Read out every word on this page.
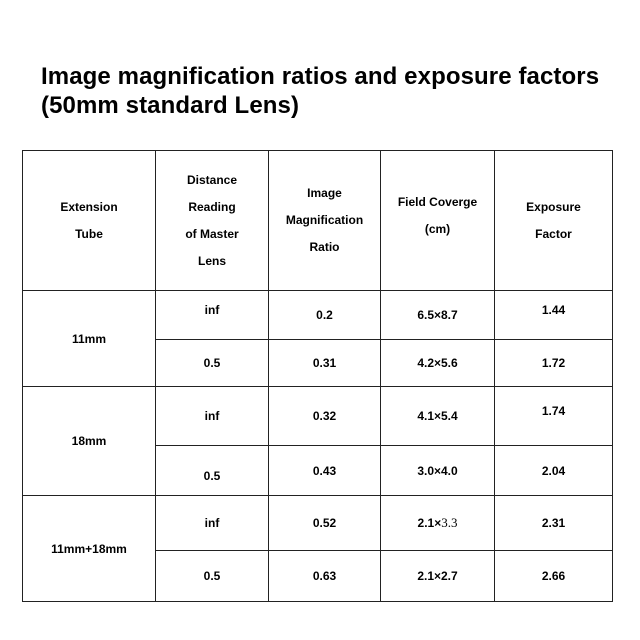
Image magnification ratios and exposure factors
(50mm standard Lens)
Extension
Tube	Distance
Reading
of Master
Lens	Image
Magnification
Ratio	Field Coverge
(cm)	Exposure
Factor

11mm	inf	0.2	6.5×8.7	1.44
	0.5	0.31	4.2×5.6	1.72
18mm	inf	0.32	4.1×5.4	1.74
	0.5	0.43	3.0×4.0	2.04
11mm+18mm	inf	0.52	2.1×3.3	2.31
	0.5	0.63	2.1×2.7	2.66
